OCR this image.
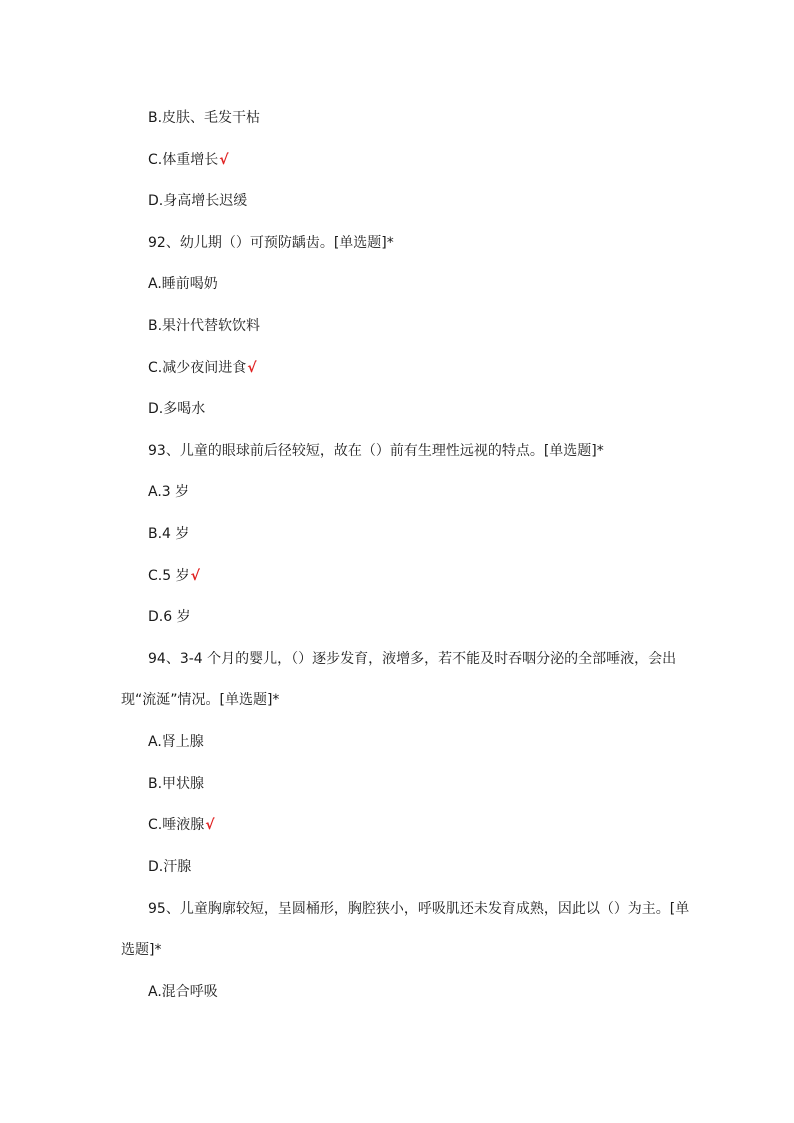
B.皮肤、毛发干枯
C.体重增长√
D.身高增长迟缓
92、幼儿期（）可预防龋齿。[单选题]*
A.睡前喝奶
B.果汁代替软饮料
C.减少夜间进食√
D.多喝水
93、儿童的眼球前后径较短，故在（）前有生理性远视的特点。[单选题]*
A.3 岁
B.4 岁
C.5 岁√
D.6 岁
94、3-4 个月的婴儿，（）逐步发育，液增多，若不能及时吞咽分泌的全部唾液，会出
现“流涎”情况。[单选题]*
A.肾上腺
B.甲状腺
C.唾液腺√
D.汗腺
95、儿童胸廓较短，呈圆桶形，胸腔狭小，呼吸肌还未发育成熟，因此以（）为主。[单
选题]*
A.混合呼吸
